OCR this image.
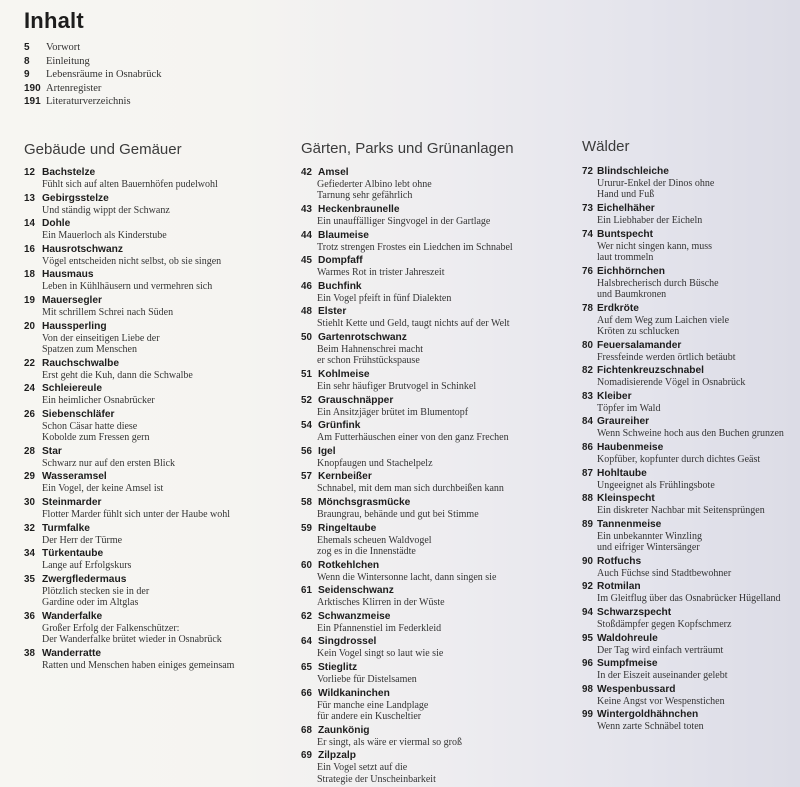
Inhalt
5	Vorwort
8	Einleitung
9	Lebensräume in Osnabrück
190 Artenregister
191 Literaturverzeichnis
Gebäude und Gemäuer
12 Bachstelze
Fühlt sich auf alten Bauernhöfen pudelwohl
13 Gebirgsstelze
Und ständig wippt der Schwanz
14 Dohle
Ein Mauerloch als Kinderstube
16 Hausrotschwanz
Vögel entscheiden nicht selbst, ob sie singen
18 Hausmaus
Leben in Kühlhäusern und vermehren sich
19 Mauersegler
Mit schrillem Schrei nach Süden
20 Haussperling
Von der einseitigen Liebe der
Spatzen zum Menschen
22 Rauchschwalbe
Erst geht die Kuh, dann die Schwalbe
24 Schleiereule
Ein heimlicher Osnabrücker
26 Siebenschläfer
Schon Cäsar hatte diese
Kobolde zum Fressen gern
28 Star
Schwarz nur auf den ersten Blick
29 Wasseramsel
Ein Vogel, der keine Amsel ist
30 Steinmarder
Flotter Marder fühlt sich unter der Haube wohl
32 Turmfalke
Der Herr der Türme
34 Türkentaube
Lange auf Erfolgskurs
35 Zwergfledermaus
Plötzlich stecken sie in der
Gardine oder im Altglas
36 Wanderfalke
Großer Erfolg der Falkenschützer:
Der Wanderfalke brütet wieder in Osnabrück
38 Wanderratte
Ratten und Menschen haben einiges gemeinsam
Gärten, Parks und Grünanlagen
42 Amsel
Gefiederter Albino lebt ohne
Tarnung sehr gefährlich
43 Heckenbraunelle
Ein unauffälliger Singvogel in der Gartlage
44 Blaumeise
Trotz strengen Frostes ein Liedchen im Schnabel
45 Dompfaff
Warmes Rot in trister Jahreszeit
46 Buchfink
Ein Vogel pfeift in fünf Dialekten
48 Elster
Stiehlt Kette und Geld, taugt nichts auf der Welt
50 Gartenrotschwanz
Beim Hahnenschrei macht
er schon Frühstückspause
51 Kohlmeise
Ein sehr häufiger Brutvogel in Schinkel
52 Grauschnäpper
Ein Ansitzjäger brütet im Blumentopf
54 Grünfink
Am Futterhäuschen einer von den ganz Frechen
56 Igel
Knopfaugen und Stachelpelz
57 Kernbeißer
Schnabel, mit dem man sich durchbeißen kann
58 Mönchsgrasmücke
Braungrau, behände und gut bei Stimme
59 Ringeltaube
Ehemals scheuen Waldvogel
zog es in die Innenstädte
60 Rotkehlchen
Wenn die Wintersonne lacht, dann singen sie
61 Seidenschwanz
Arktisches Klirren in der Wüste
62 Schwanzmeise
Ein Pfannenstiel im Federkleid
64 Singdrossel
Kein Vogel singt so laut wie sie
65 Stieglitz
Vorliebe für Distelsamen
66 Wildkaninchen
Für manche eine Landplage
für andere ein Kuscheltier
68 Zaunkönig
Er singt, als wäre er viermal so groß
69 Zilpzalp
Ein Vogel setzt auf die
Strategie der Unscheinbarkeit
Wälder
72 Blindschleiche
Ururur-Enkel der Dinos ohne
Hand und Fuß
73 Eichelhäher
Ein Liebhaber der Eicheln
74 Buntspecht
Wer nicht singen kann, muss
laut trommeln
76 Eichhörnchen
Halsbrecherisch durch Büsche
und Baumkronen
78 Erdkröte
Auf dem Weg zum Laichen viele
Kröten zu schlucken
80 Feuersalamander
Fressfeinde werden örtlich betäubt
82 Fichtenkreuzschnabel
Nomadisierende Vögel in Osnabrück
83 Kleiber
Töpfer im Wald
84 Graureiher
Wenn Schweine hoch aus den Buchen grunzen
86 Haubenmeise
Kopfüber, kopfunter durch dichtes Geäst
87 Hohltaube
Ungeeignet als Frühlingsbote
88 Kleinspecht
Ein diskreter Nachbar mit Seitensprüngen
89 Tannenmeise
Ein unbekannter Winzling
und eifriger Wintersänger
90 Rotfuchs
Auch Füchse sind Stadtbewohner
92 Rotmilan
Im Gleitflug über das Osnabrücker Hügelland
94 Schwarzspecht
Stoßdämpfer gegen Kopfschmerz
95 Waldohreule
Der Tag wird einfach verträumt
96 Sumpfmeise
In der Eiszeit auseinander gelebt
98 Wespenbussard
Keine Angst vor Wespenstichen
99 Wintergoldhähnchen
Wenn zarte Schnäbel toten
